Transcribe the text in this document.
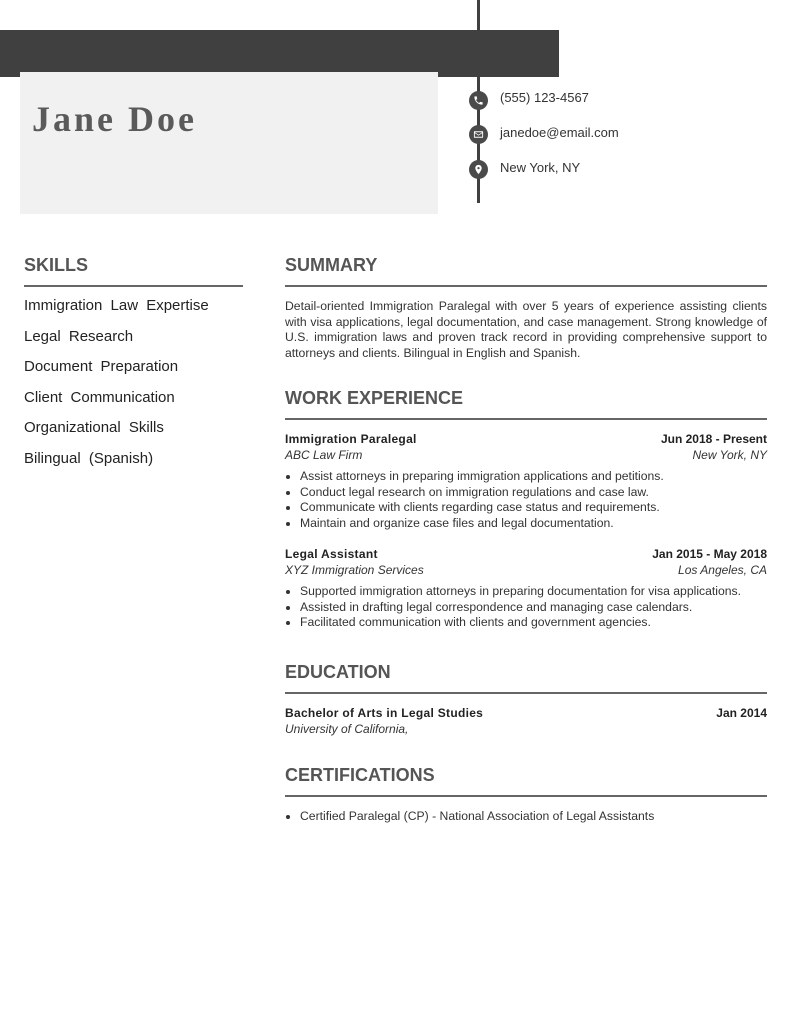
Jane Doe
(555) 123-4567
janedoe@email.com
New York, NY
SKILLS
Immigration Law Expertise
Legal Research
Document Preparation
Client Communication
Organizational Skills
Bilingual (Spanish)
SUMMARY

Detail-oriented Immigration Paralegal with over 5 years of experience assisting clients with visa applications, legal documentation, and case management. Strong knowledge of U.S. immigration laws and proven track record in providing comprehensive support to attorneys and clients. Bilingual in English and Spanish.

WORK EXPERIENCE
Immigration Paralegal	Jun 2018 - Present
ABC Law Firm	New York, NY
• Assist attorneys in preparing immigration applications and petitions.
• Conduct legal research on immigration regulations and case law.
• Communicate with clients regarding case status and requirements.
• Maintain and organize case files and legal documentation.
Legal Assistant	Jan 2015 - May 2018
XYZ Immigration Services	Los Angeles, CA
• Supported immigration attorneys in preparing documentation for visa applications.
• Assisted in drafting legal correspondence and managing case calendars.
• Facilitated communication with clients and government agencies.
EDUCATION
Bachelor of Arts in Legal Studies	Jan 2014
University of California,
CERTIFICATIONS
• Certified Paralegal (CP) - National Association of Legal Assistants
